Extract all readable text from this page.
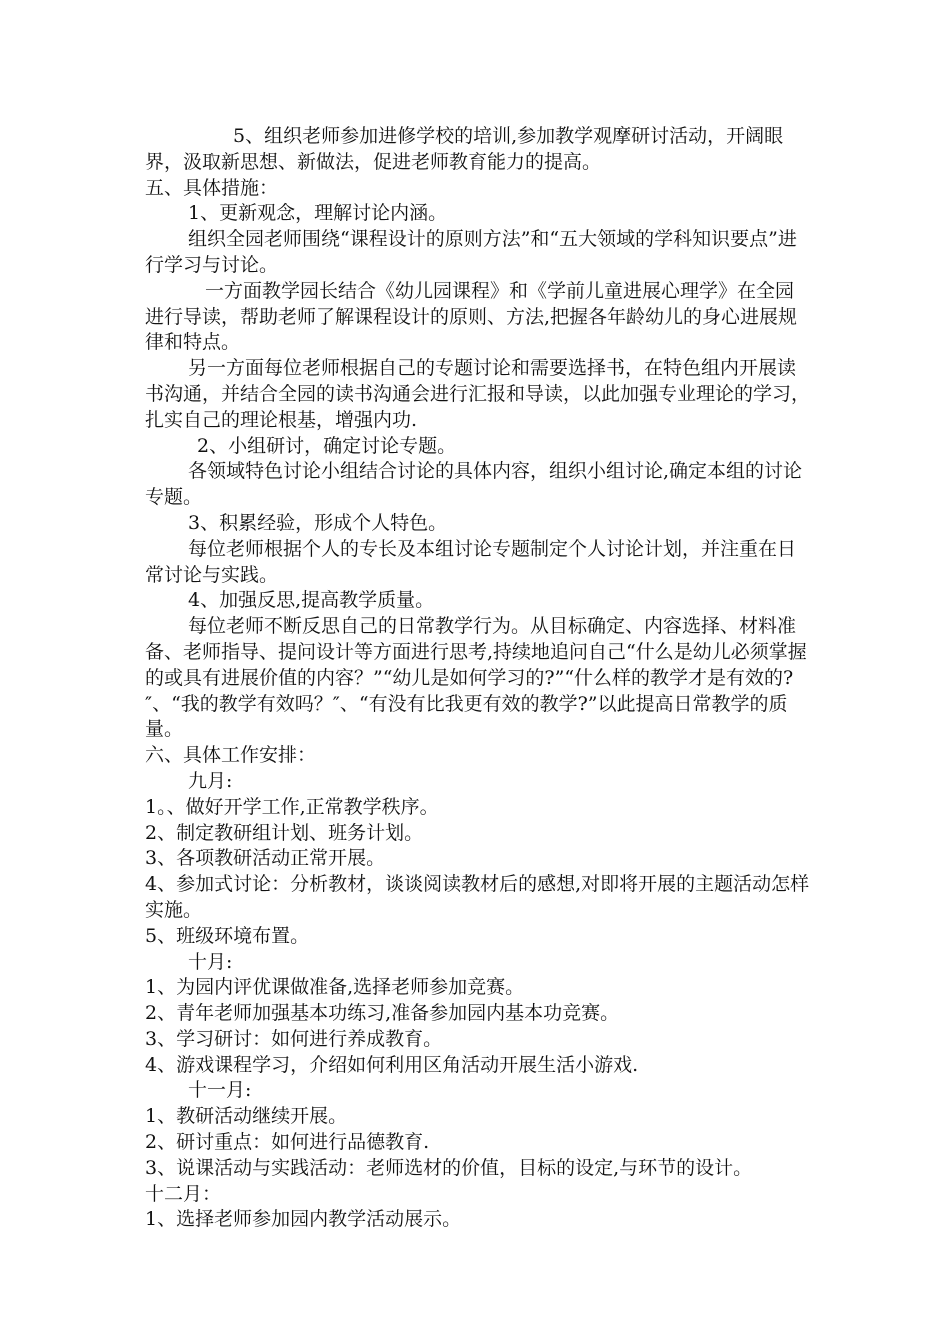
5、组织老师参加进修学校的培训,参加教学观摩研讨活动，开阔眼界，汲取新思想、新做法，促进老师教育能力的提高。

五、具体措施：

1、更新观念，理解讨论内涵。

组织全园老师围绕“课程设计的原则方法”和“五大领域的学科知识要点”进行学习与讨论。

一方面教学园长结合《幼儿园课程》和《学前儿童进展心理学》在全园进行导读，帮助老师了解课程设计的原则、方法,把握各年龄幼儿的身心进展规律和特点。

另一方面每位老师根据自己的专题讨论和需要选择书，在特色组内开展读书沟通，并结合全园的读书沟通会进行汇报和导读，以此加强专业理论的学习，扎实自己的理论根基，增强内功.

2、小组研讨，确定讨论专题。

各领域特色讨论小组结合讨论的具体内容，组织小组讨论,确定本组的讨论专题。

3、积累经验，形成个人特色。

每位老师根据个人的专长及本组讨论专题制定个人讨论计划，并注重在日常讨论与实践。

4、加强反思,提高教学质量。

每位老师不断反思自己的日常教学行为。从目标确定、内容选择、材料准备、老师指导、提问设计等方面进行思考,持续地追问自己“什么是幼儿必须掌握的或具有进展价值的内容？”“幼儿是如何学习的?”“什么样的教学才是有效的?″、“我的教学有效吗？″、“有没有比我更有效的教学?”以此提高日常教学的质量。

六、具体工作安排：

九月:

1。、做好开学工作,正常教学秩序。

2、制定教研组计划、班务计划。

3、各项教研活动正常开展。

4、参加式讨论：分析教材，谈谈阅读教材后的感想,对即将开展的主题活动怎样实施。

5、班级环境布置。

十月:

1、为园内评优课做准备,选择老师参加竞赛。

2、青年老师加强基本功练习,准备参加园内基本功竞赛。

3、学习研讨：如何进行养成教育。

4、游戏课程学习，介绍如何利用区角活动开展生活小游戏.

十一月:

1、教研活动继续开展。

2、研讨重点：如何进行品德教育.

3、说课活动与实践活动：老师选材的价值，目标的设定,与环节的设计。

十二月：

1、选择老师参加园内教学活动展示。
